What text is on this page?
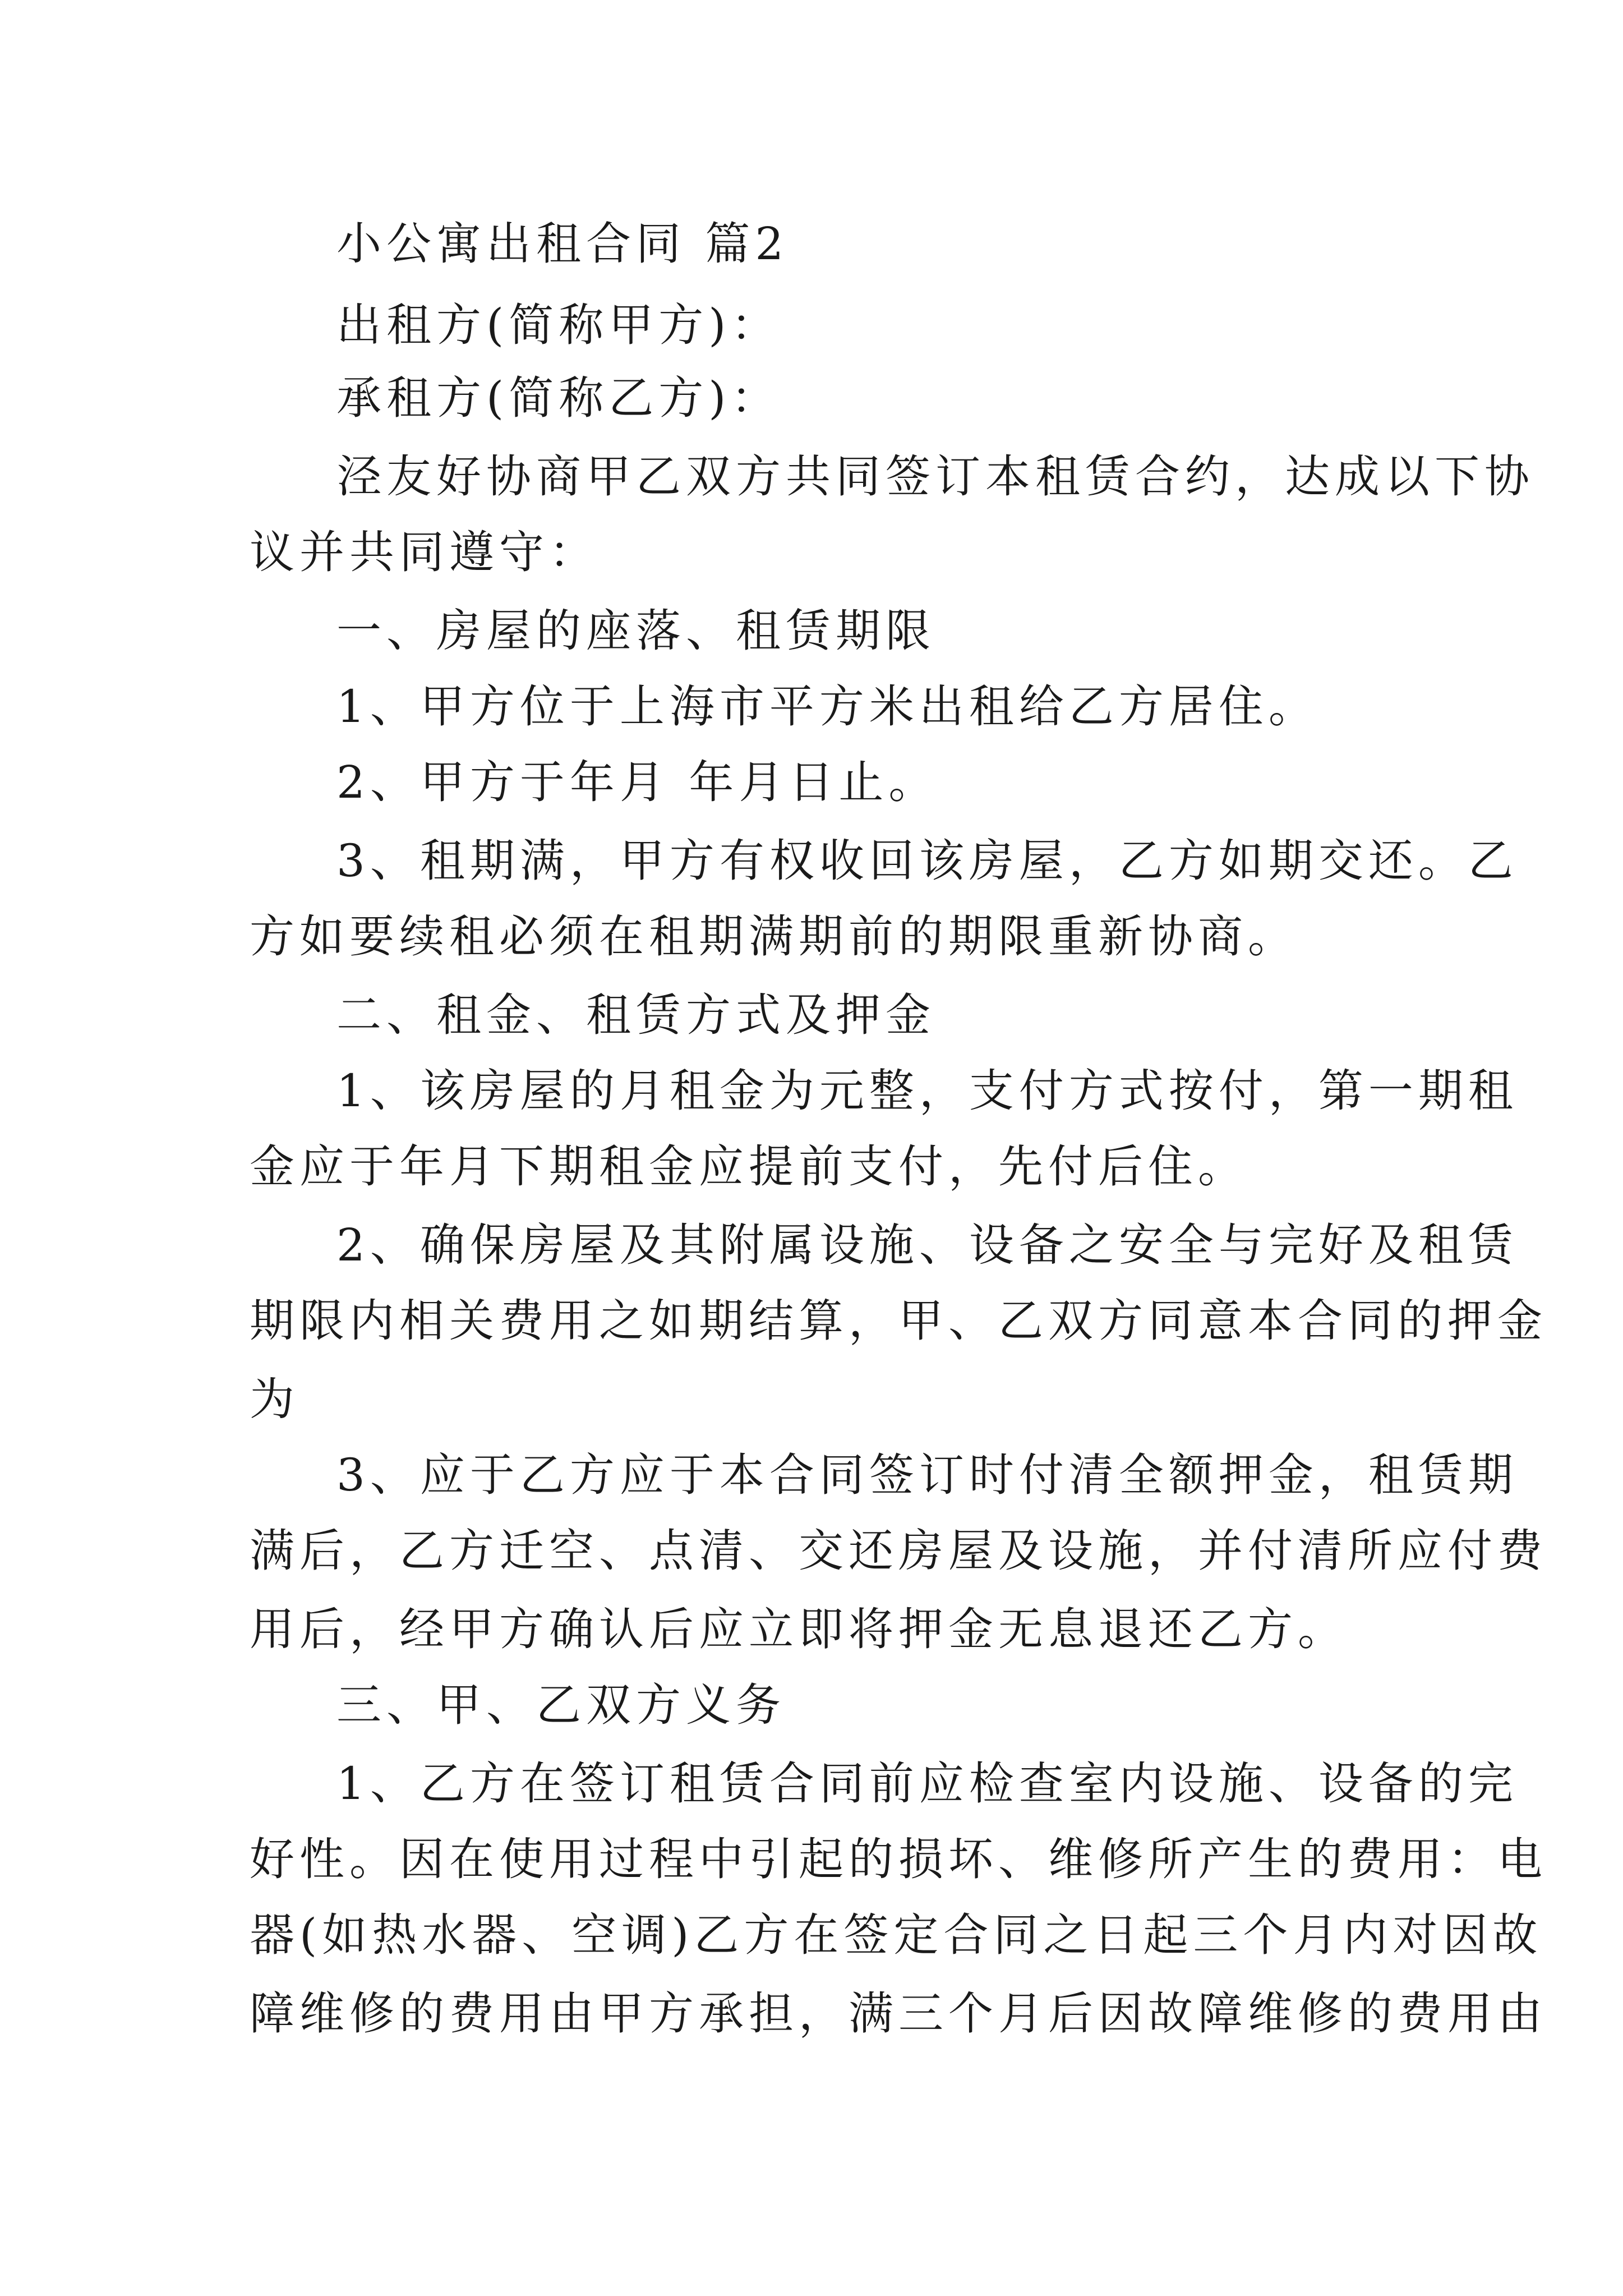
小公寓出租合同 篇2

出租方(简称甲方)：

承租方(简称乙方)：

泾友好协商甲乙双方共同签订本租赁合约，达成以下协

议并共同遵守：

一、房屋的座落、租赁期限

1、甲方位于上海市平方米出租给乙方居住。

2、甲方于年月 年月日止。

3、租期满，甲方有权收回该房屋，乙方如期交还。乙

方如要续租必须在租期满期前的期限重新协商。

二、租金、租赁方式及押金

1、该房屋的月租金为元整，支付方式按付，第一期租

金应于年月下期租金应提前支付，先付后住。

2、确保房屋及其附属设施、设备之安全与完好及租赁

期限内相关费用之如期结算，甲、乙双方同意本合同的押金

为

3、应于乙方应于本合同签订时付清全额押金，租赁期

满后，乙方迁空、点清、交还房屋及设施，并付清所应付费

用后，经甲方确认后应立即将押金无息退还乙方。

三、甲、乙双方义务

1、乙方在签订租赁合同前应检查室内设施、设备的完

好性。因在使用过程中引起的损坏、维修所产生的费用：电

器(如热水器、空调)乙方在签定合同之日起三个月内对因故

障维修的费用由甲方承担，满三个月后因故障维修的费用由
